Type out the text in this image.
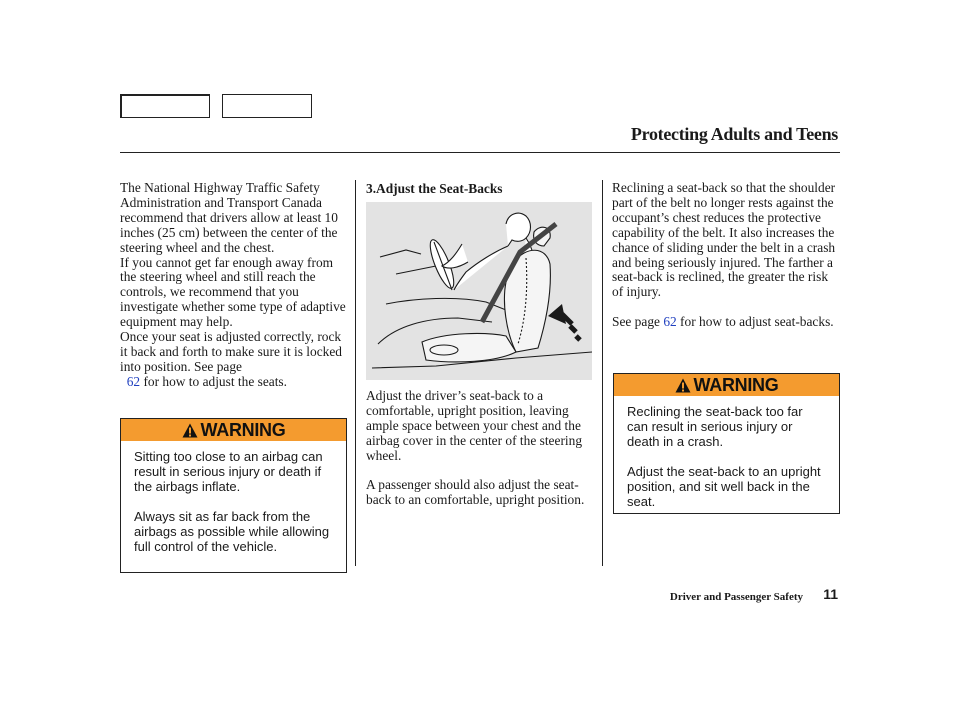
Protecting Adults and Teens

The National Highway Traffic Safety Administration and Transport Canada recommend that drivers allow at least 10 inches (25 cm) between the center of the steering wheel and the chest.

If you cannot get far enough away from the steering wheel and still reach the controls, we recommend that you investigate whether some type of adaptive equipment may help.

Once your seat is adjusted correctly, rock it back and forth to make sure it is locked into position. See page
62 for how to adjust the seats.

WARNING

Sitting too close to an airbag can result in serious injury or death if the airbags inflate.

Always sit as far back from the airbags as possible while allowing full control of the vehicle.

3.Adjust the Seat-Backs

Adjust the driver’s seat-back to a comfortable, upright position, leaving ample space between your chest and the airbag cover in the center of the steering wheel.

A passenger should also adjust the seat-back to an comfortable, upright position.

Reclining a seat-back so that the shoulder part of the belt no longer rests against the occupant’s chest reduces the protective capability of the belt. It also increases the chance of sliding under the belt in a crash and being seriously injured. The farther a seat-back is reclined, the greater the risk of injury.

See page 62 for how to adjust seat-backs.

WARNING

Reclining the seat-back too far can result in serious injury or death in a crash.

Adjust the seat-back to an upright position, and sit well back in the seat.

Driver and Passenger Safety 11
